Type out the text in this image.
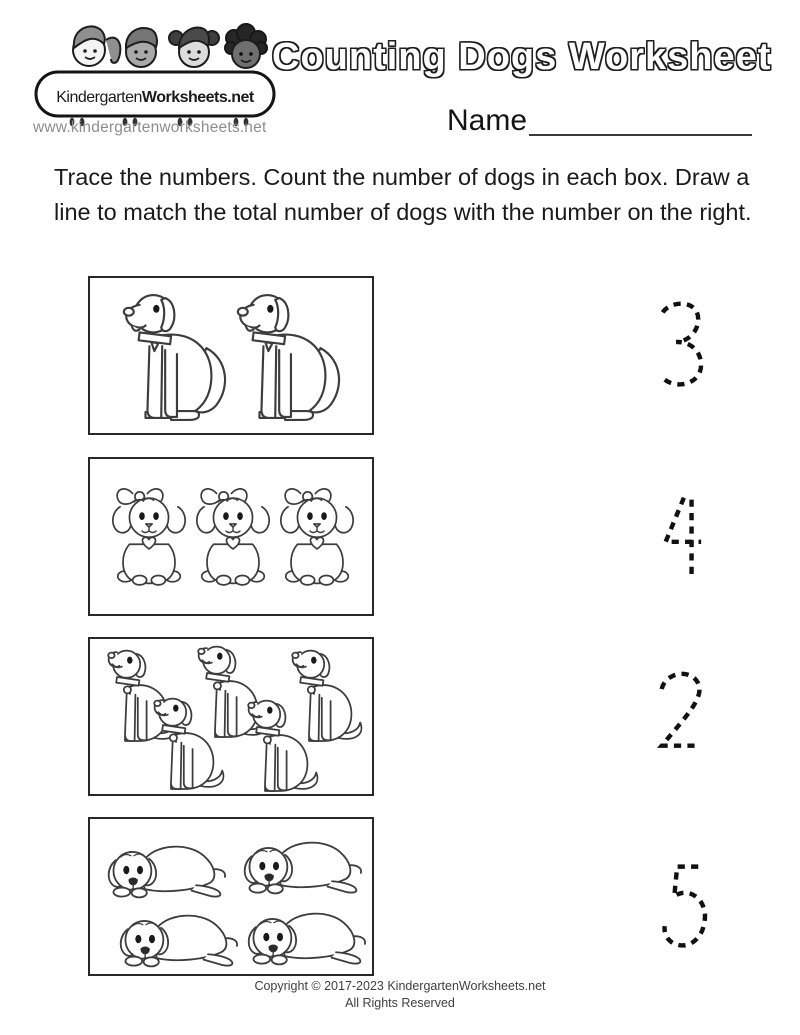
KindergartenWorksheets.net
www.kindergartenworksheets.net
Counting Dogs Worksheet
Name
Trace the numbers. Count the number of dogs in each box. Draw a line to match the total number of dogs with the number on the right.
Copyright © 2017-2023 KindergartenWorksheets.net
All Rights Reserved
